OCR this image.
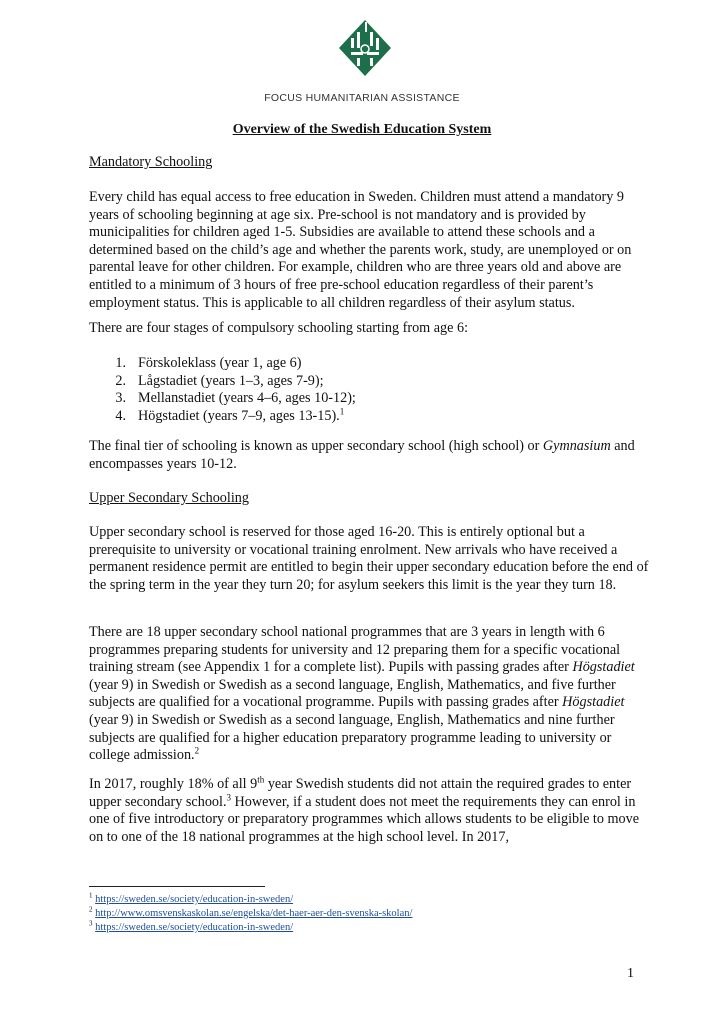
FOCUS HUMANITARIAN ASSISTANCE
Overview of the Swedish Education System
Mandatory Schooling
Every child has equal access to free education in Sweden. Children must attend a mandatory 9 years of schooling beginning at age six. Pre-school is not mandatory and is provided by municipalities for children aged 1-5. Subsidies are available to attend these schools and a determined based on the child’s age and whether the parents work, study, are unemployed or on parental leave for other children. For example, children who are three years old and above are entitled to a minimum of 3 hours of free pre-school education regardless of their parent’s employment status. This is applicable to all children regardless of their asylum status.
There are four stages of compulsory schooling starting from age 6:
1. Förskoleklass (year 1, age 6)
2. Lågstadiet (years 1–3, ages 7-9);
3. Mellanstadiet (years 4–6, ages 10-12);
4. Högstadiet (years 7–9, ages 13-15).$^1$
The final tier of schooling is known as upper secondary school (high school) or Gymnasium and encompasses years 10-12.
Upper Secondary Schooling
Upper secondary school is reserved for those aged 16-20. This is entirely optional but a prerequisite to university or vocational training enrolment. New arrivals who have received a permanent residence permit are entitled to begin their upper secondary education before the end of the spring term in the year they turn 20; for asylum seekers this limit is the year they turn 18.
There are 18 upper secondary school national programmes that are 3 years in length with 6 programmes preparing students for university and 12 preparing them for a specific vocational training stream (see Appendix 1 for a complete list). Pupils with passing grades after Högstadiet (year 9) in Swedish or Swedish as a second language, English, Mathematics, and five further subjects are qualified for a vocational programme. Pupils with passing grades after Högstadiet (year 9) in Swedish or Swedish as a second language, English, Mathematics and nine further subjects are qualified for a higher education preparatory programme leading to university or college admission.$^2$
In 2017, roughly 18% of all 9th year Swedish students did not attain the required grades to enter upper secondary school.$^3$ However, if a student does not meet the requirements they can enrol in one of five introductory or preparatory programmes which allows students to be eligible to move on to one of the 18 national programmes at the high school level. In 2017,
$^1$ https://sweden.se/society/education-in-sweden/
$^2$ http://www.omsvenskaskolan.se/engelska/det-haer-aer-den-svenska-skolan/
$^3$ https://sweden.se/society/education-in-sweden/
1
